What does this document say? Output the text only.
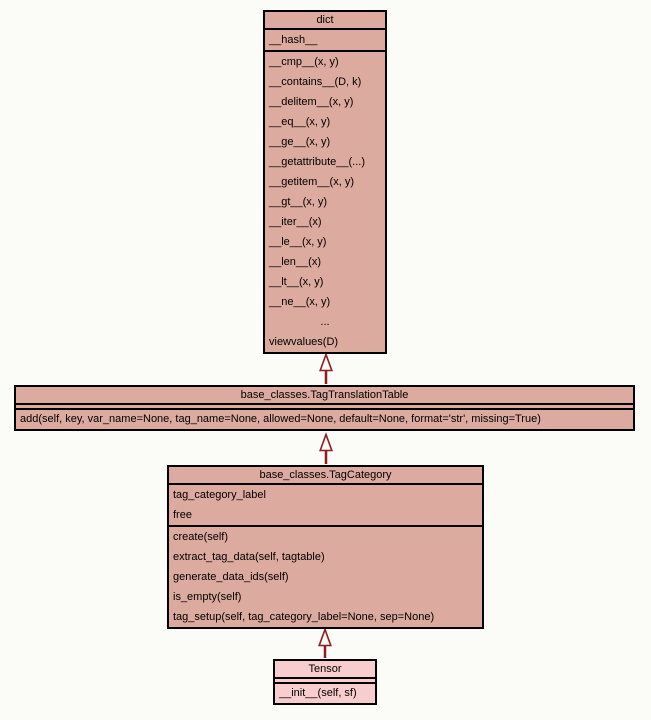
dict
__hash__
__cmp__(x, y)
__contains__(D, k)
__delitem__(x, y)
__eq__(x, y)
__ge__(x, y)
__getattribute__(...)
__getitem__(x, y)
__gt__(x, y)
__iter__(x)
__le__(x, y)
__len__(x)
__lt__(x, y)
__ne__(x, y)
...
viewvalues(D)
base_classes.TagTranslationTable
add(self, key, var_name=None, tag_name=None, allowed=None, default=None, format='str', missing=True)
base_classes.TagCategory
tag_category_label
free
create(self)
extract_tag_data(self, tagtable)
generate_data_ids(self)
is_empty(self)
tag_setup(self, tag_category_label=None, sep=None)
Tensor
__init__(self, sf)
